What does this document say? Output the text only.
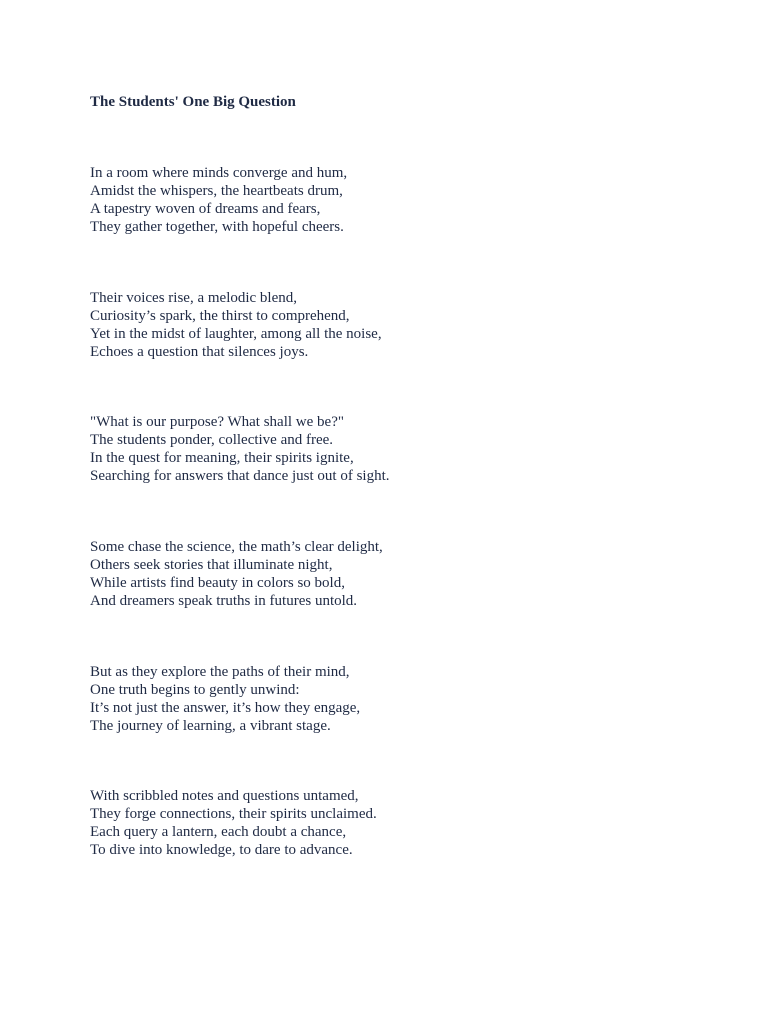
The Students' One Big Question
In a room where minds converge and hum,
Amidst the whispers, the heartbeats drum,
A tapestry woven of dreams and fears,
They gather together, with hopeful cheers.
Their voices rise, a melodic blend,
Curiosity’s spark, the thirst to comprehend,
Yet in the midst of laughter, among all the noise,
Echoes a question that silences joys.
"What is our purpose? What shall we be?"
The students ponder, collective and free.
In the quest for meaning, their spirits ignite,
Searching for answers that dance just out of sight.
Some chase the science, the math’s clear delight,
Others seek stories that illuminate night,
While artists find beauty in colors so bold,
And dreamers speak truths in futures untold.
But as they explore the paths of their mind,
One truth begins to gently unwind:
It’s not just the answer, it’s how they engage,
The journey of learning, a vibrant stage.
With scribbled notes and questions untamed,
They forge connections, their spirits unclaimed.
Each query a lantern, each doubt a chance,
To dive into knowledge, to dare to advance.
